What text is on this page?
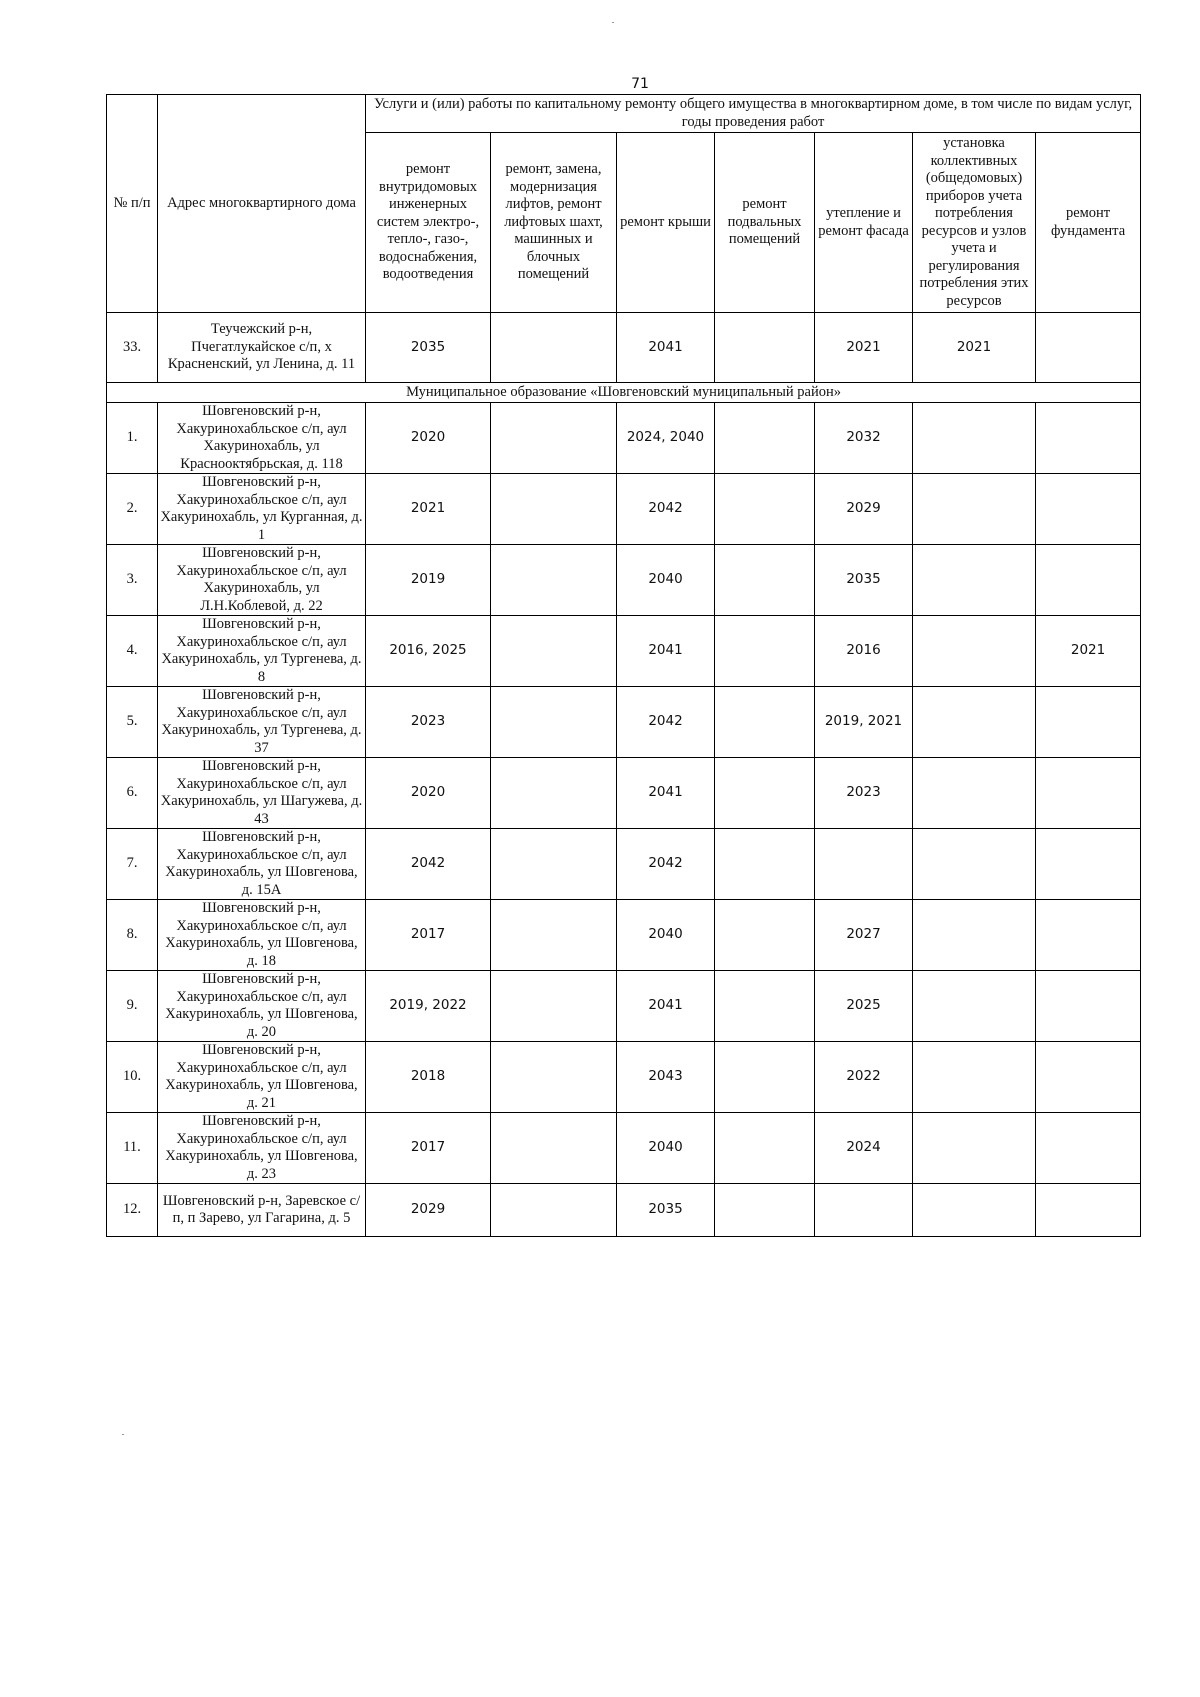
71
№ п/п	Адрес многоквартирного дома	Услуги и (или) работы по капитальному ремонту общего имущества в многоквартирном доме, в том числе по видам услуг, годы проведения работ						
		ремонт внутридомовых инженерных систем электро-, тепло-, газо-, водоснабжения, водоотведения	ремонт, замена, модернизация лифтов, ремонт лифтовых шахт, машинных и блочных помещений	ремонт крыши	ремонт подвальных помещений	утепление и ремонт фасада	установка коллективных (общедомовых) приборов учета потребления ресурсов и узлов учета и регулирования потребления этих ресурсов	ремонт фундамента
33.	Теучежский р-н, Пчегатлукайское с/п, х Красненский, ул Ленина, д. 11	2035		2041		2021	2021	
Муниципальное образование «Шовгеновский муниципальный район»								
1.	Шовгеновский р-н, Хакуринохабльское с/п, аул Хакуринохабль, ул Краснооктябрьская, д. 118	2020		2024, 2040		2032		
2.	Шовгеновский р-н, Хакуринохабльское с/п, аул Хакуринохабль, ул Курганная, д. 1	2021		2042		2029		
3.	Шовгеновский р-н, Хакуринохабльское с/п, аул Хакуринохабль, ул Л.Н.Коблевой, д. 22	2019		2040		2035		
4.	Шовгеновский р-н, Хакуринохабльское с/п, аул Хакуринохабль, ул Тургенева, д. 8	2016, 2025		2041		2016		2021
5.	Шовгеновский р-н, Хакуринохабльское с/п, аул Хакуринохабль, ул Тургенева, д. 37	2023		2042		2019, 2021		
6.	Шовгеновский р-н, Хакуринохабльское с/п, аул Хакуринохабль, ул Шагужева, д. 43	2020		2041		2023		
7.	Шовгеновский р-н, Хакуринохабльское с/п, аул Хакуринохабль, ул Шовгенова, д. 15А	2042		2042				
8.	Шовгеновский р-н, Хакуринохабльское с/п, аул Хакуринохабль, ул Шовгенова, д. 18	2017		2040		2027		
9.	Шовгеновский р-н, Хакуринохабльское с/п, аул Хакуринохабль, ул Шовгенова, д. 20	2019, 2022		2041		2025		
10.	Шовгеновский р-н, Хакуринохабльское с/п, аул Хакуринохабль, ул Шовгенова, д. 21	2018		2043		2022		
11.	Шовгеновский р-н, Хакуринохабльское с/п, аул Хакуринохабль, ул Шовгенова, д. 23	2017		2040		2024		
12.	Шовгеновский р-н, Заревское с/п, п Зарево, ул Гагарина, д. 5	2029		2035				
